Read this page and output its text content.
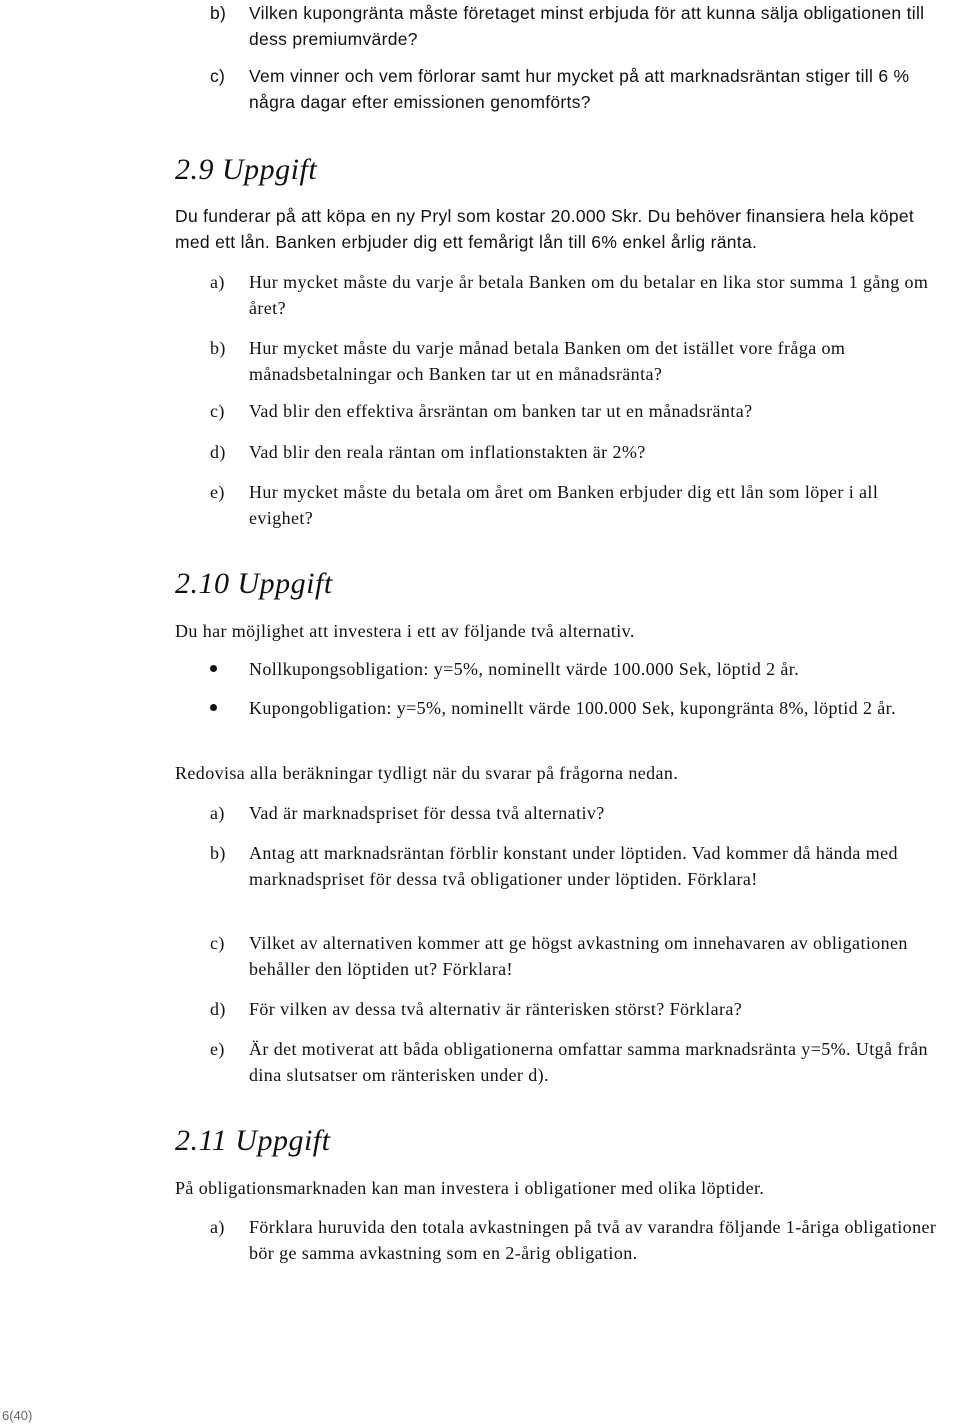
b) Vilken kupongränta måste företaget minst erbjuda för att kunna sälja obligationen till dess premiumvärde?
c) Vem vinner och vem förlorar samt hur mycket på att marknadsräntan stiger till 6 % några dagar efter emissionen genomförts?
2.9 Uppgift
Du funderar på att köpa en ny Pryl som kostar 20.000 Skr. Du behöver finansiera hela köpet med ett lån. Banken erbjuder dig ett femårigt lån till 6% enkel årlig ränta.
a) Hur mycket måste du varje år betala Banken om du betalar en lika stor summa 1 gång om året?
b) Hur mycket måste du varje månad betala Banken om det istället vore fråga om månadsbetalningar och Banken tar ut en månadsränta?
c) Vad blir den effektiva årsräntan om banken tar ut en månadsränta?
d) Vad blir den reala räntan om inflationstakten är 2%?
e) Hur mycket måste du betala om året om Banken erbjuder dig ett lån som löper i all evighet?
2.10 Uppgift
Du har möjlighet att investera i ett av följande två alternativ.
Nollkupongsobligation: y=5%, nominellt värde 100.000 Sek, löptid 2 år.
Kupongobligation: y=5%, nominellt värde 100.000 Sek, kupongränta 8%, löptid 2 år.
Redovisa alla beräkningar tydligt när du svarar på frågorna nedan.
a) Vad är marknadspriset för dessa två alternativ?
b) Antag att marknadsräntan förblir konstant under löptiden. Vad kommer då hända med marknadspriset för dessa två obligationer under löptiden. Förklara!
c) Vilket av alternativen kommer att ge högst avkastning om innehavaren av obligationen behåller den löptiden ut? Förklara!
d) För vilken av dessa två alternativ är ränterisken störst? Förklara?
e) Är det motiverat att båda obligationerna omfattar samma marknadsränta y=5%. Utgå från dina slutsatser om ränterisken under d).
2.11 Uppgift
På obligationsmarknaden kan man investera i obligationer med olika löptider.
a) Förklara huruvida den totala avkastningen på två av varandra följande 1-åriga obligationer bör ge samma avkastning som en 2-årig obligation.
6(40)
